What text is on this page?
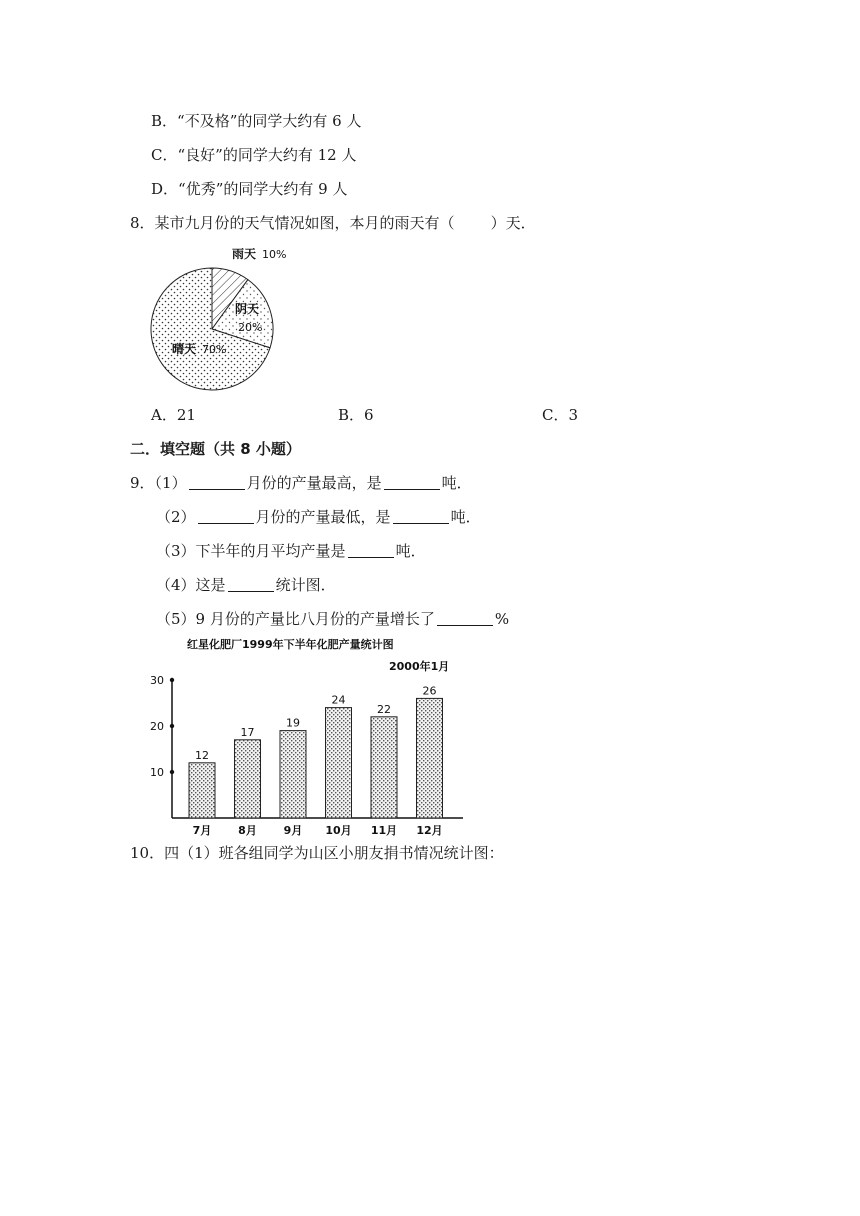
B．“不及格”的同学大约有 6 人
C．“良好”的同学大约有 12 人
D．“优秀”的同学大约有 9 人
8．某市九月份的天气情况如图，本月的雨天有（ ）天．
雨天 10%
阴天
20%
晴天 70%
A．21	B．6	C．3
二．填空题（共 8 小题）
9．（1）	月份的产量最高，是	吨．
（2）	月份的产量最低，是	吨．
（3）下半年的月平均产量是	吨．
（4）这是	统计图．
（5）9 月份的产量比八月份的产量增长了	%
红星化肥厂1999年下半年化肥产量统计图
2000年1月
10
20
30
12
7月
17
8月
19
9月
24
10月
22
11月
26
12月
10．四（1）班各组同学为山区小朋友捐书情况统计图：
